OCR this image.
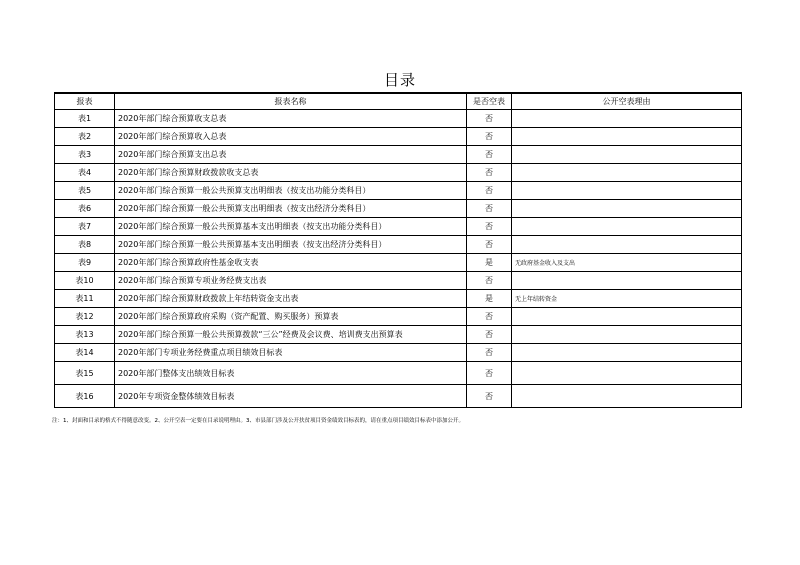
目录
报表	报表名称	是否空表	公开空表理由
表1	2020年部门综合预算收支总表	否	
表2	2020年部门综合预算收入总表	否	
表3	2020年部门综合预算支出总表	否	
表4	2020年部门综合预算财政拨款收支总表	否	
表5	2020年部门综合预算一般公共预算支出明细表（按支出功能分类科目）	否	
表6	2020年部门综合预算一般公共预算支出明细表（按支出经济分类科目）	否	
表7	2020年部门综合预算一般公共预算基本支出明细表（按支出功能分类科目）	否	
表8	2020年部门综合预算一般公共预算基本支出明细表（按支出经济分类科目）	否	
表9	2020年部门综合预算政府性基金收支表	是	无政府基金收入及支出
表10	2020年部门综合预算专项业务经费支出表	否	
表11	2020年部门综合预算财政拨款上年结转资金支出表	是	无上年结转资金
表12	2020年部门综合预算政府采购（资产配置、购买服务）预算表	否	
表13	2020年部门综合预算一般公共预算拨款“三公”经费及会议费、培训费支出预算表	否	
表14	2020年部门专项业务经费重点项目绩效目标表	否	
表15	2020年部门整体支出绩效目标表	否	
表16	2020年专项资金整体绩效目标表	否	
注：1、封面和目录的格式不得随意改变。2、公开空表一定要在目录说明理由。3、市县部门涉及公开扶贫项目资金绩效目标表的，请在重点项目绩效目标表中添加公开。
